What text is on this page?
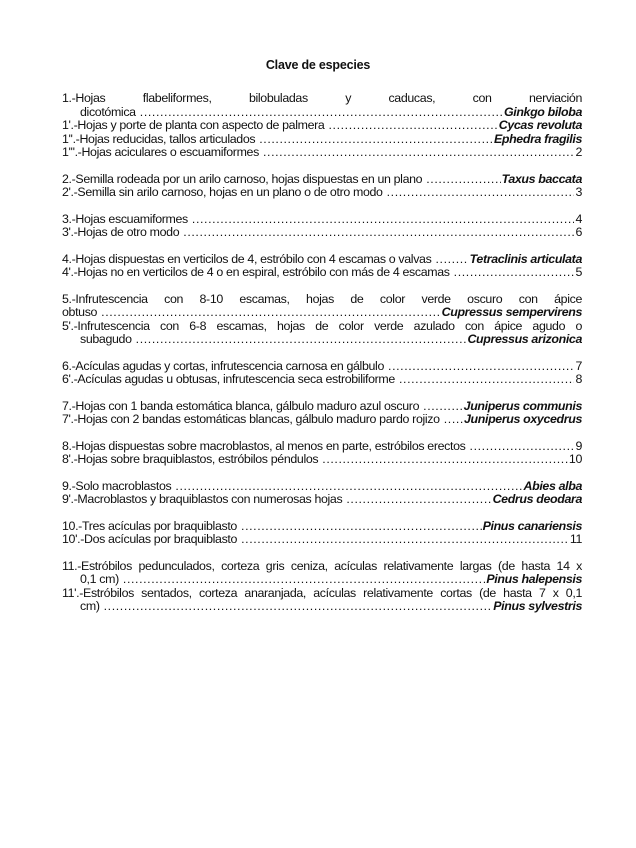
Clave de especies
1.-Hojas flabeliformes, bilobuladas y caducas, con nerviación
dicotómica .....	Ginkgo biloba
1'.-Hojas y porte de planta con aspecto de palmera .....	Cycas revoluta
1''.-Hojas reducidas, tallos articulados .....	Ephedra fragilis
1'''.-Hojas aciculares o escuamiformes .....	2
2.-Semilla rodeada por un arilo carnoso, hojas dispuestas en un plano .....	Taxus baccata
2'.-Semilla sin arilo carnoso, hojas en un plano o de otro modo .....	3
3.-Hojas escuamiformes .....	4
3'.-Hojas de otro modo .....	6
4.-Hojas dispuestas en verticilos de 4, estróbilo con 4 escamas o valvas .....	Tetraclinis articulata
4'.-Hojas no en verticilos de 4 o en espiral, estróbilo con más de 4 escamas .....	5
5.-Infrutescencia con 8-10 escamas, hojas de color verde oscuro con ápice
obtuso .....	Cupressus sempervirens
5'.-Infrutescencia con 6-8 escamas, hojas de color verde azulado con ápice agudo o
subagudo .....	Cupressus arizonica
6.-Acículas agudas y cortas, infrutescencia carnosa en gálbulo .....	7
6'.-Acículas agudas u obtusas, infrutescencia seca estrobiliforme .....	8
7.-Hojas con 1 banda estomática blanca, gálbulo maduro azul oscuro .....	Juniperus communis
7'.-Hojas con 2 bandas estomáticas blancas, gálbulo maduro pardo rojizo .....	Juniperus oxycedrus
8.-Hojas dispuestas sobre macroblastos, al menos en parte, estróbilos erectos .....	9
8'.-Hojas sobre braquiblastos, estróbilos péndulos .....	10
9.-Solo macroblastos .....	Abies alba
9'.-Macroblastos y braquiblastos con numerosas hojas .....	Cedrus deodara
10.-Tres acículas por braquiblasto .....	Pinus canariensis
10'.-Dos acículas por braquiblasto .....	11
11.-Estróbilos pedunculados, corteza gris ceniza, acículas relativamente largas (de hasta 14 x
0,1 cm) .....	Pinus halepensis
11'.-Estróbilos sentados, corteza anaranjada, acículas relativamente cortas (de hasta 7 x 0,1
cm) .....	Pinus sylvestris
